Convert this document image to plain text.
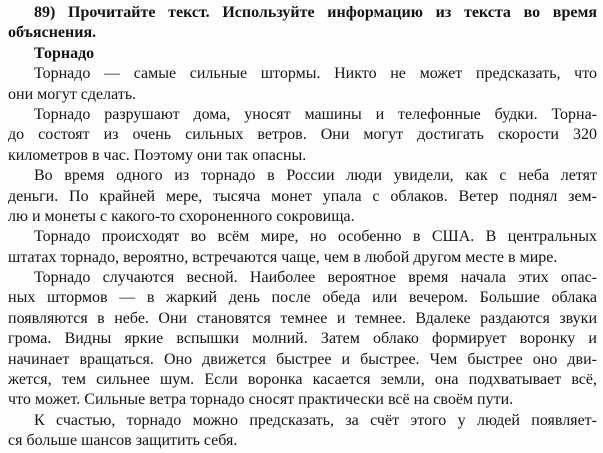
89) Прочитайте текст. Используйте информацию из текста во время
объяснения.
Торнадо
Торнадо — самые сильные штормы. Никто не может предсказать, что
они могут сделать.
Торнадо разрушают дома, уносят машины и телефонные будки. Торна-
до состоят из очень сильных ветров. Они могут достигать скорости 320
километров в час. Поэтому они так опасны.
Во время одного из торнадо в России люди увидели, как с неба летят
деньги. По крайней мере, тысяча монет упала с облаков. Ветер поднял зем-
лю и монеты с какого-то схороненного сокровища.
Торнадо происходят во всём мире, но особенно в США. В центральных
штатах торнадо, вероятно, встречаются чаще, чем в любой другом месте в мире.
Торнадо случаются весной. Наиболее вероятное время начала этих опас-
ных штормов — в жаркий день после обеда или вечером. Большие облака
появляются в небе. Они становятся темнее и темнее. Вдалеке раздаются звуки
грома. Видны яркие вспышки молний. Затем облако формирует воронку и
начинает вращаться. Оно движется быстрее и быстрее. Чем быстрее оно дви-
жется, тем сильнее шум. Если воронка касается земли, она подхватывает всё,
что может. Сильные ветра торнадо сносят практически всё на своём пути.
К счастью, торнадо можно предсказать, за счёт этого у людей появляет-
ся больше шансов защитить себя.
